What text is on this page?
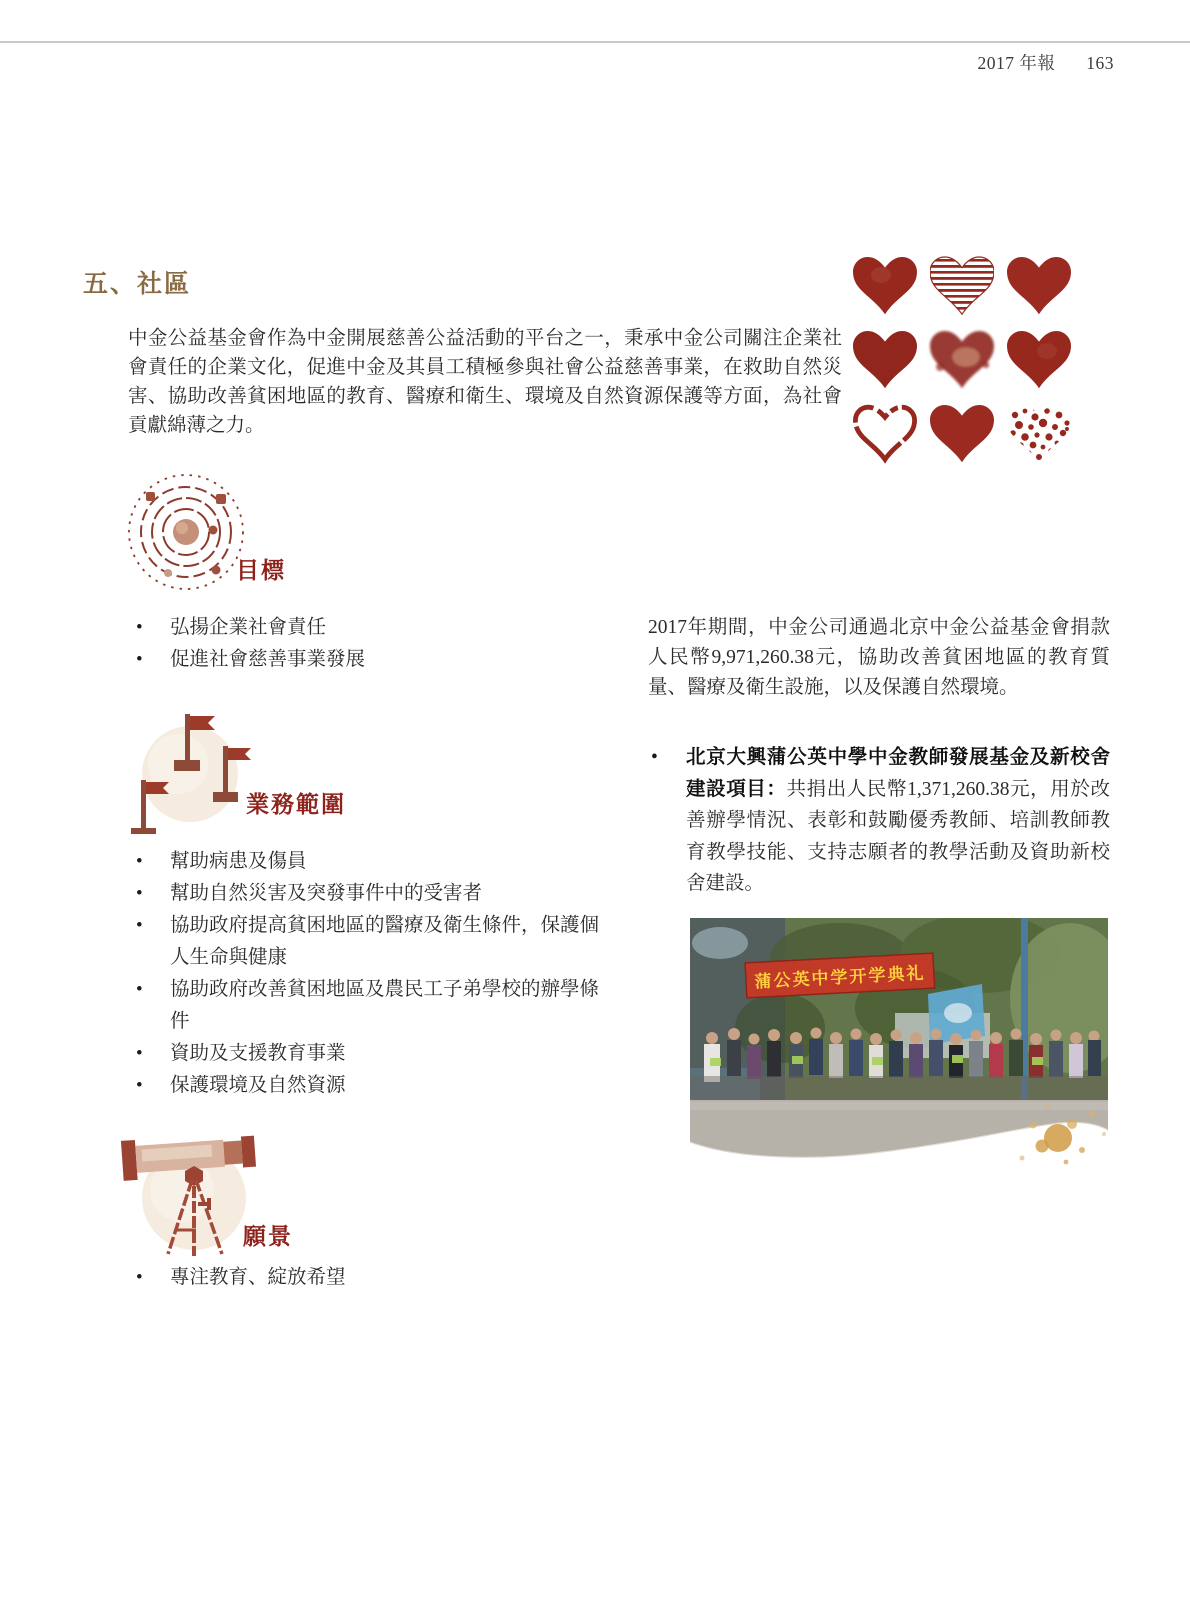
2017 年報 163
五、社區
中金公益基金會作為中金開展慈善公益活動的平台之一，秉承中金公司關注企業社會責任的企業文化，促進中金及其員工積極參與社會公益慈善事業，在救助自然災害、協助改善貧困地區的教育、醫療和衛生、環境及自然資源保護等方面，為社會貢獻綿薄之力。
目標
• 弘揚企業社會責任
• 促進社會慈善事業發展
2017年期間，中金公司通過北京中金公益基金會捐款人民幣9,971,260.38元，協助改善貧困地區的教育質量、醫療及衛生設施，以及保護自然環境。
• 北京大興蒲公英中學中金教師發展基金及新校舍建設項目：共捐出人民幣1,371,260.38元，用於改善辦學情況、表彰和鼓勵優秀教師、培訓教師教育教學技能、支持志願者的教學活動及資助新校舍建設。
蒲公英中学开学典礼
業務範圍
• 幫助病患及傷員
• 幫助自然災害及突發事件中的受害者
• 協助政府提高貧困地區的醫療及衛生條件，保護個人生命與健康
• 協助政府改善貧困地區及農民工子弟學校的辦學條件
• 資助及支援教育事業
• 保護環境及自然資源
願景
• 專注教育、綻放希望
